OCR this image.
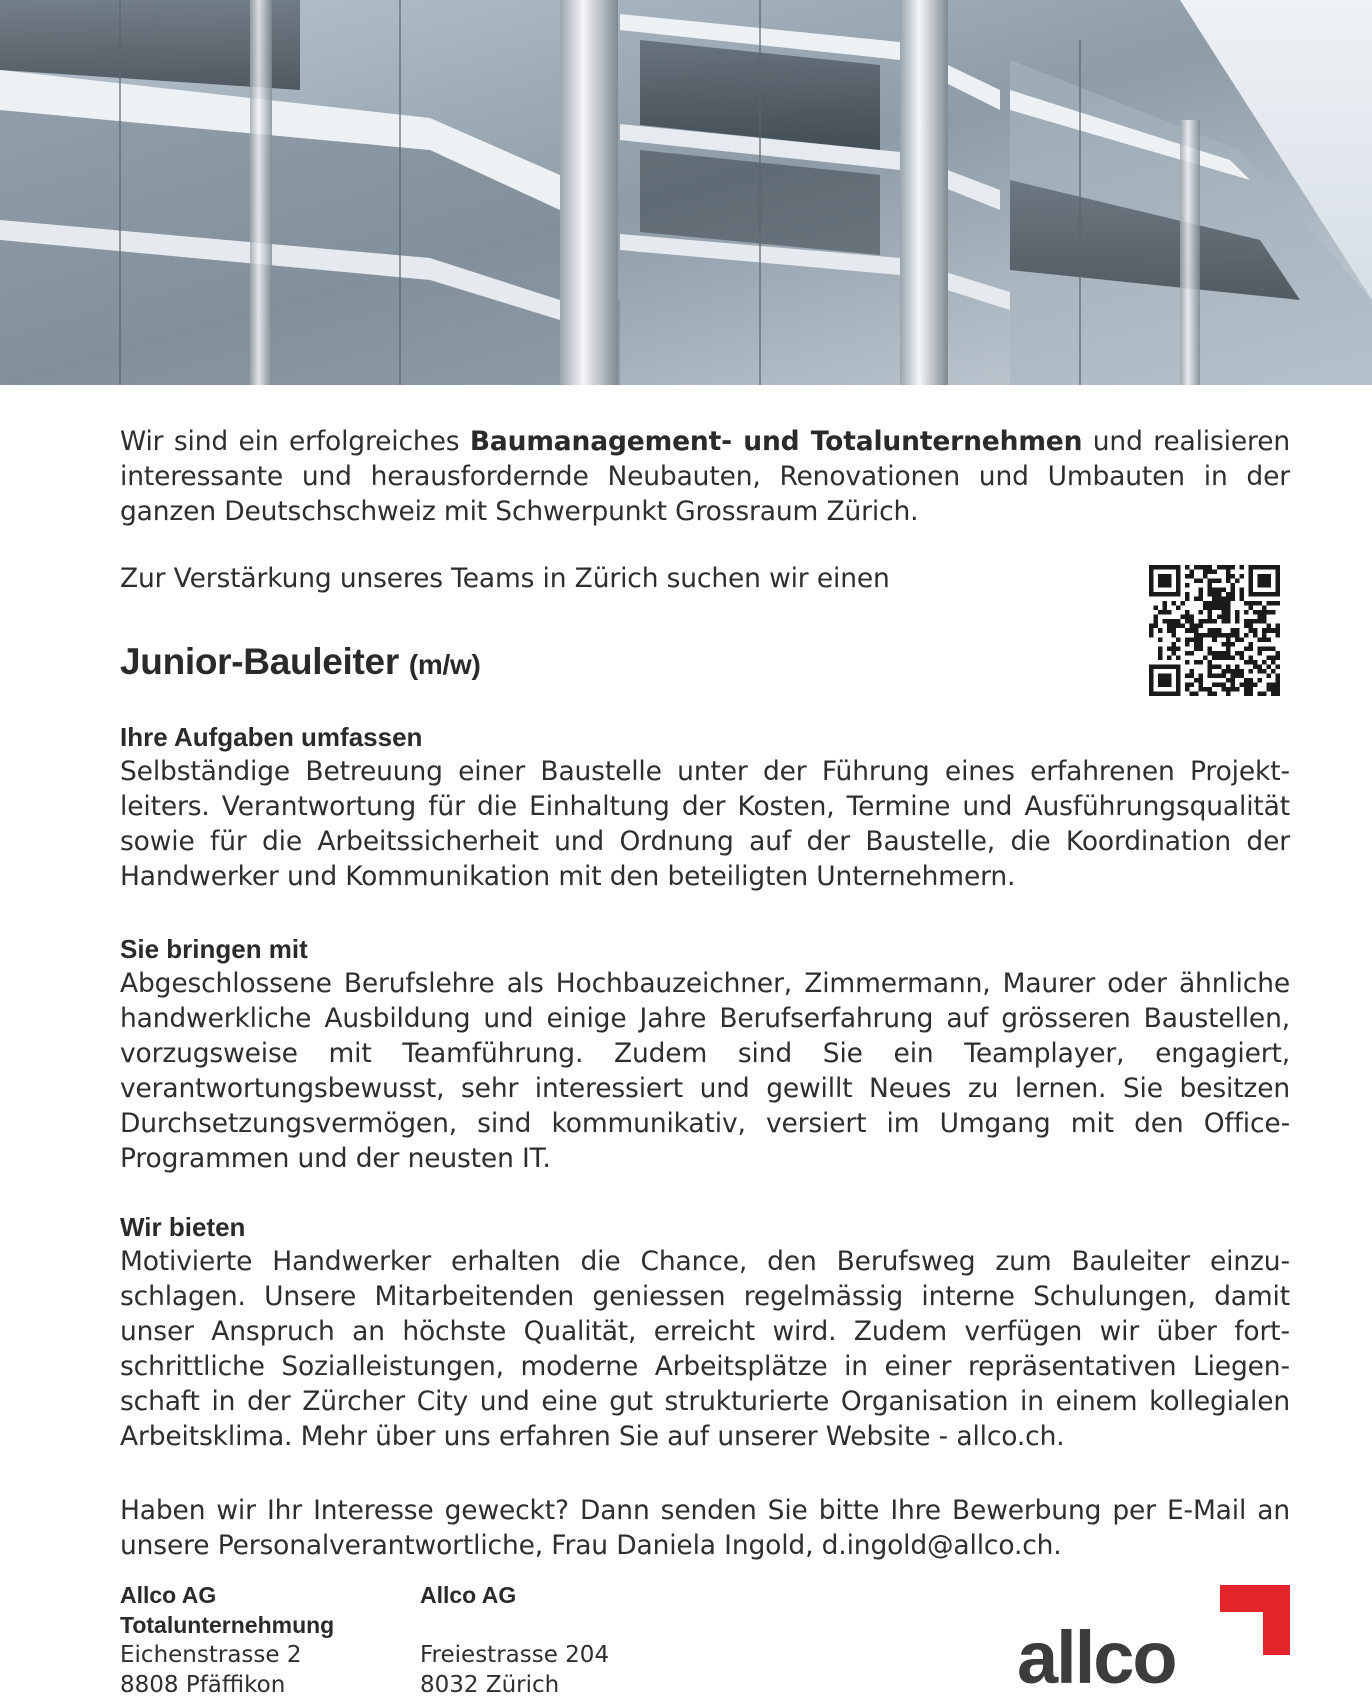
Wir sind ein erfolgreiches Baumanagement- und Totalunternehmen und realisieren interessante und herausfordernde Neubauten, Renovationen und Umbauten in der ganzen Deutschschweiz mit Schwerpunkt Grossraum Zürich.

Zur Verstärkung unseres Teams in Zürich suchen wir einen

Junior-Bauleiter (m/w)
Ihre Aufgaben umfassen

Selbständige Betreuung einer Baustelle unter der Führung eines erfahrenen Projektleiters. Verantwortung für die Einhaltung der Kosten, Termine und Ausführungsqualität sowie für die Arbeitssicherheit und Ordnung auf der Baustelle, die Koordination der Handwerker und Kommunikation mit den beteiligten Unternehmern.

Sie bringen mit

Abgeschlossene Berufslehre als Hochbauzeichner, Zimmermann, Maurer oder ähnliche handwerkliche Ausbildung und einige Jahre Berufserfahrung auf grösseren Baustellen, vorzugsweise mit Teamführung. Zudem sind Sie ein Teamplayer, engagiert, verantwortungsbewusst, sehr interessiert und gewillt Neues zu lernen. Sie besitzen Durchsetzungsvermögen, sind kommunikativ, versiert im Umgang mit den Office-Programmen und der neusten IT.

Wir bieten

Motivierte Handwerker erhalten die Chance, den Berufsweg zum Bauleiter einzuschlagen. Unsere Mitarbeitenden geniessen regelmässig interne Schulungen, damit unser Anspruch an höchste Qualität, erreicht wird. Zudem verfügen wir über fortschrittliche Sozialleistungen, moderne Arbeitsplätze in einer repräsentativen Liegenschaft in der Zürcher City und eine gut strukturierte Organisation in einem kollegialen Arbeitsklima. Mehr über uns erfahren Sie auf unserer Website - allco.ch.

Haben wir Ihr Interesse geweckt? Dann senden Sie bitte Ihre Bewerbung per E-Mail an unsere Personalverantwortliche, Frau Daniela Ingold, d.ingold@allco.ch.

Allco AG
Totalunternehmung
Eichenstrasse 2
8808 Pfäffikon
Allco AG

Freiestrasse 204
8032 Zürich	allco
